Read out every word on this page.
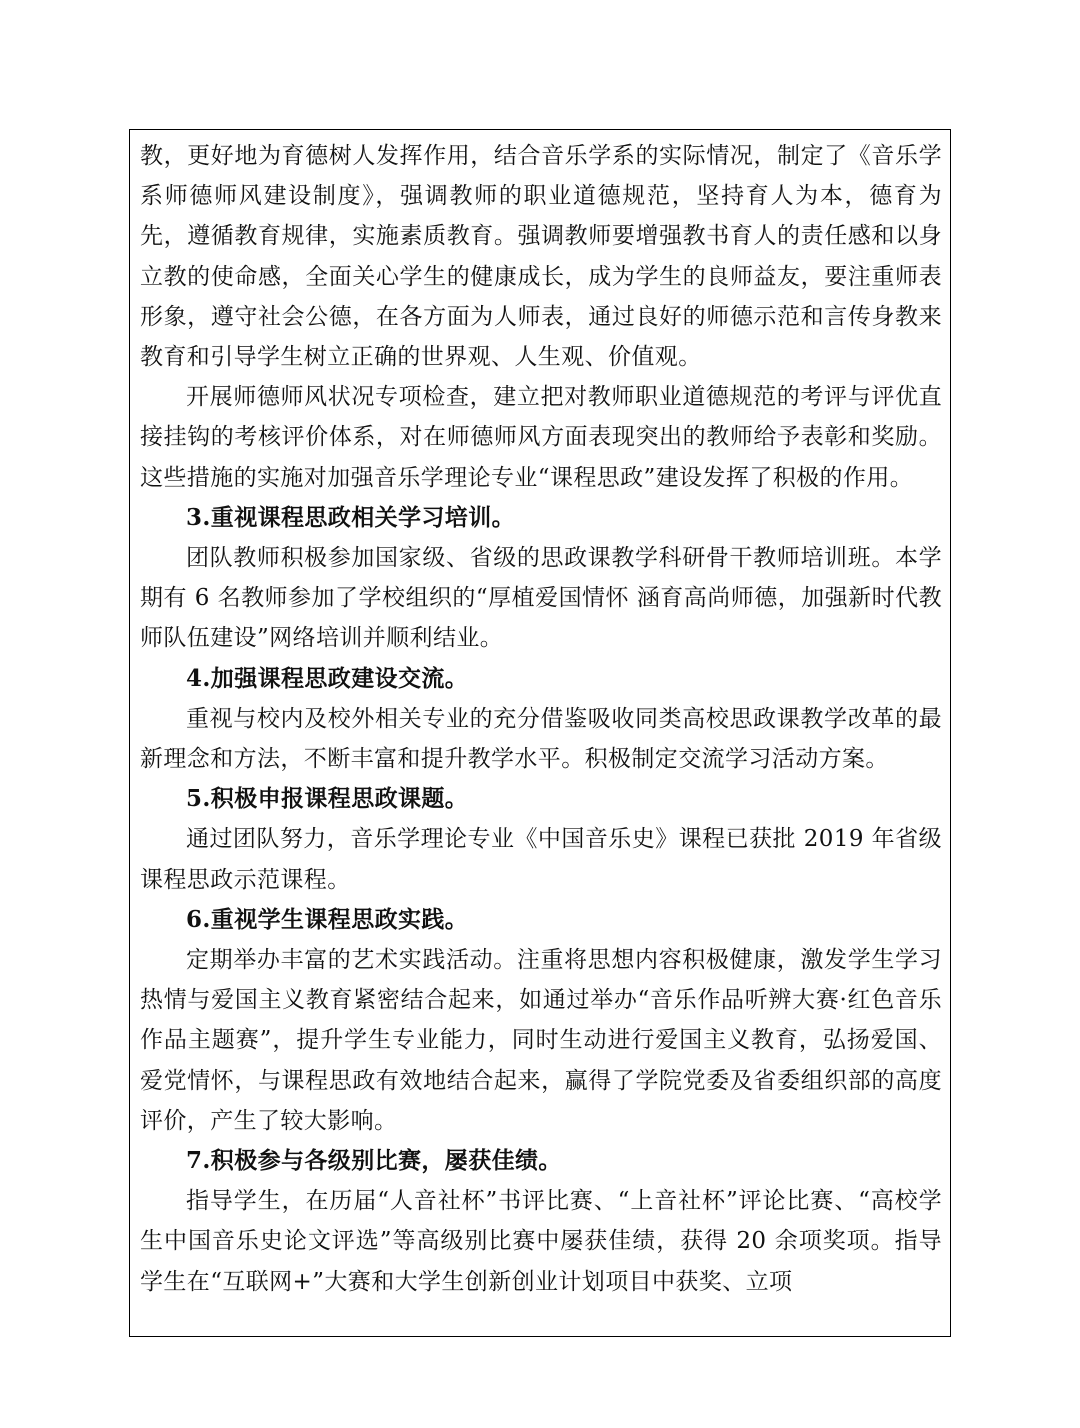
教，更好地为育德树人发挥作用，结合音乐学系的实际情况，制定了《音乐学系师德师风建设制度》，强调教师的职业道德规范，坚持育人为本，德育为先，遵循教育规律，实施素质教育。强调教师要增强教书育人的责任感和以身立教的使命感，全面关心学生的健康成长，成为学生的良师益友，要注重师表形象，遵守社会公德，在各方面为人师表，通过良好的师德示范和言传身教来教育和引导学生树立正确的世界观、人生观、价值观。

开展师德师风状况专项检查，建立把对教师职业道德规范的考评与评优直接挂钩的考核评价体系，对在师德师风方面表现突出的教师给予表彰和奖励。这些措施的实施对加强音乐学理论专业“课程思政”建设发挥了积极的作用。

3.重视课程思政相关学习培训。

团队教师积极参加国家级、省级的思政课教学科研骨干教师培训班。本学期有 6 名教师参加了学校组织的“厚植爱国情怀 涵育高尚师德，加强新时代教师队伍建设”网络培训并顺利结业。

4.加强课程思政建设交流。

重视与校内及校外相关专业的充分借鉴吸收同类高校思政课教学改革的最新理念和方法，不断丰富和提升教学水平。积极制定交流学习活动方案。

5.积极申报课程思政课题。

通过团队努力，音乐学理论专业《中国音乐史》课程已获批 2019 年省级课程思政示范课程。

6.重视学生课程思政实践。

定期举办丰富的艺术实践活动。注重将思想内容积极健康，激发学生学习热情与爱国主义教育紧密结合起来，如通过举办“音乐作品听辨大赛·红色音乐作品主题赛”，提升学生专业能力，同时生动进行爱国主义教育，弘扬爱国、爱党情怀，与课程思政有效地结合起来，赢得了学院党委及省委组织部的高度评价，产生了较大影响。

7.积极参与各级别比赛，屡获佳绩。

指导学生，在历届“人音社杯”书评比赛、“上音社杯”评论比赛、“高校学生中国音乐史论文评选”等高级别比赛中屡获佳绩，获得 20 余项奖项。指导学生在“互联网+”大赛和大学生创新创业计划项目中获奖、立项
